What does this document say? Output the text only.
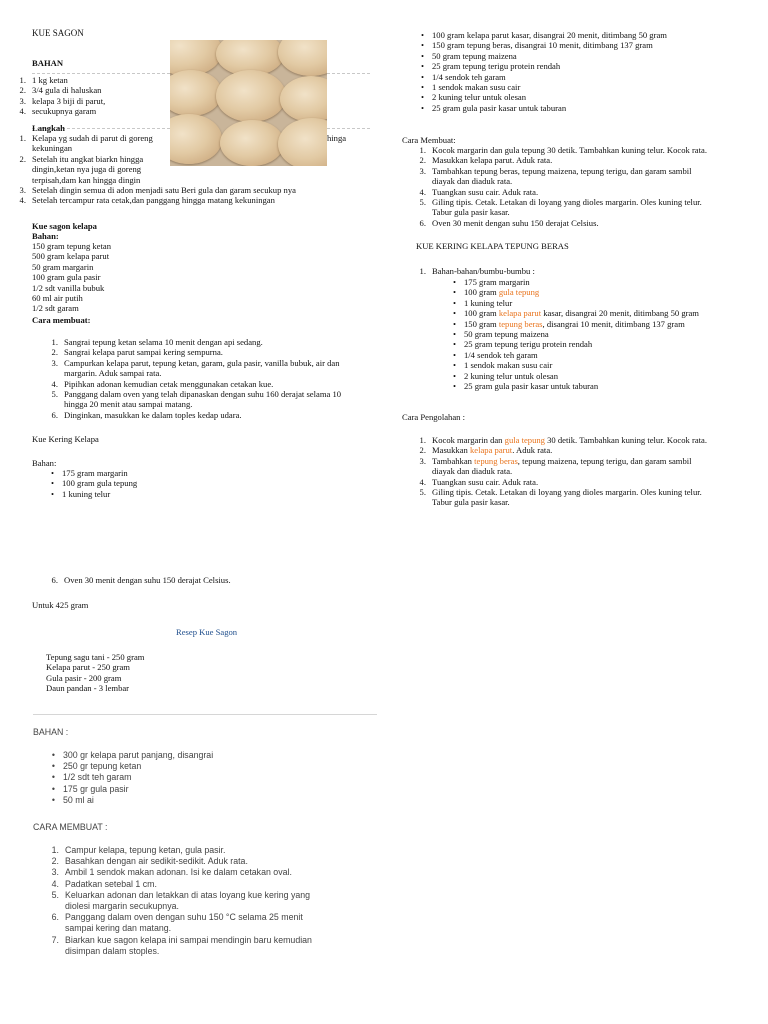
KUE SAGON
BAHAN
1. 1 kg ketan
2. 3/4 gula di haluskan
3. kelapa 3 biji di parut,
4. secukupnya garam
Langkah
1. Kelapa yg sudah di parut di goreng	hinga
kekuningan
2. Setelah itu angkat biarkn hingga
dingin,ketan nya juga di goreng
terpisah,dam kan hingga dingin
3. Setelah dingin semua di adon menjadi satu Beri gula dan garam secukup nya
4. Setelah tercampur rata cetak,dan panggang hingga matang kekuningan
Kue sagon kelapa
Bahan:
150 gram tepung ketan
500 gram kelapa parut
50 gram margarin
100 gram gula pasir
1/2 sdt vanilla bubuk
60 ml air putih
1/2 sdt garam
Cara membuat:
1. Sangrai tepung ketan selama 10 menit dengan api sedang.
2. Sangrai kelapa parut sampai kering sempurna.
3. Campurkan kelapa parut, tepung ketan, garam, gula pasir, vanilla bubuk, air dan
margarin. Aduk sampai rata.
4. Pipihkan adonan kemudian cetak menggunakan cetakan kue.
5. Panggang dalam oven yang telah dipanaskan dengan suhu 160 derajat selama 10
hingga 20 menit atau sampai matang.
6. Dinginkan, masukkan ke dalam toples kedap udara.
Kue Kering Kelapa
Bahan:
• 175 gram margarin
• 100 gram gula tepung
• 1 kuning telur
6. Oven 30 menit dengan suhu 150 derajat Celsius.
Untuk 425 gram
Resep Kue Sagon
Tepung sagu tani - 250 gram
Kelapa parut - 250 gram
Gula pasir - 200 gram
Daun pandan - 3 lembar
BAHAN :
• 300 gr kelapa parut panjang, disangrai
• 250 gr tepung ketan
• 1/2 sdt teh garam
• 175 gr gula pasir
• 50 ml ai
CARA MEMBUAT :
1. Campur kelapa, tepung ketan, gula pasir.
2. Basahkan dengan air sedikit-sedikit. Aduk rata.
3. Ambil 1 sendok makan adonan. Isi ke dalam cetakan oval.
4. Padatkan setebal 1 cm.
5. Keluarkan adonan dan letakkan di atas loyang kue kering yang
diolesi margarin secukupnya.
6. Panggang dalam oven dengan suhu 150 °C selama 25 menit
sampai kering dan matang.
7. Biarkan kue sagon kelapa ini sampai mendingin baru kemudian
disimpan dalam stoples.
• 100 gram kelapa parut kasar, disangrai 20 menit, ditimbang 50 gram
• 150 gram tepung beras, disangrai 10 menit, ditimbang 137 gram
• 50 gram tepung maizena
• 25 gram tepung terigu protein rendah
• 1/4 sendok teh garam
• 1 sendok makan susu cair
• 2 kuning telur untuk olesan
• 25 gram gula pasir kasar untuk taburan
Cara Membuat:
1. Kocok margarin dan gula tepung 30 detik. Tambahkan kuning telur. Kocok rata.
2. Masukkan kelapa parut. Aduk rata.
3. Tambahkan tepung beras, tepung maizena, tepung terigu, dan garam sambil
diayak dan diaduk rata.
4. Tuangkan susu cair. Aduk rata.
5. Giling tipis. Cetak. Letakan di loyang yang dioles margarin. Oles kuning telur.
Tabur gula pasir kasar.
6. Oven 30 menit dengan suhu 150 derajat Celsius.
KUE KERING KELAPA TEPUNG BERAS
1. Bahan-bahan/bumbu-bumbu :
• 175 gram margarin
• 100 gram gula tepung
• 1 kuning telur
• 100 gram kelapa parut kasar, disangrai 20 menit, ditimbang 50 gram
• 150 gram tepung beras, disangrai 10 menit, ditimbang 137 gram
• 50 gram tepung maizena
• 25 gram tepung terigu protein rendah
• 1/4 sendok teh garam
• 1 sendok makan susu cair
• 2 kuning telur untuk olesan
• 25 gram gula pasir kasar untuk taburan
Cara Pengolahan :
1. Kocok margarin dan gula tepung 30 detik. Tambahkan kuning telur. Kocok rata.
2. Masukkan kelapa parut. Aduk rata.
3. Tambahkan tepung beras, tepung maizena, tepung terigu, dan garam sambil
diayak dan diaduk rata.
4. Tuangkan susu cair. Aduk rata.
5. Giling tipis. Cetak. Letakan di loyang yang dioles margarin. Oles kuning telur.
Tabur gula pasir kasar.
